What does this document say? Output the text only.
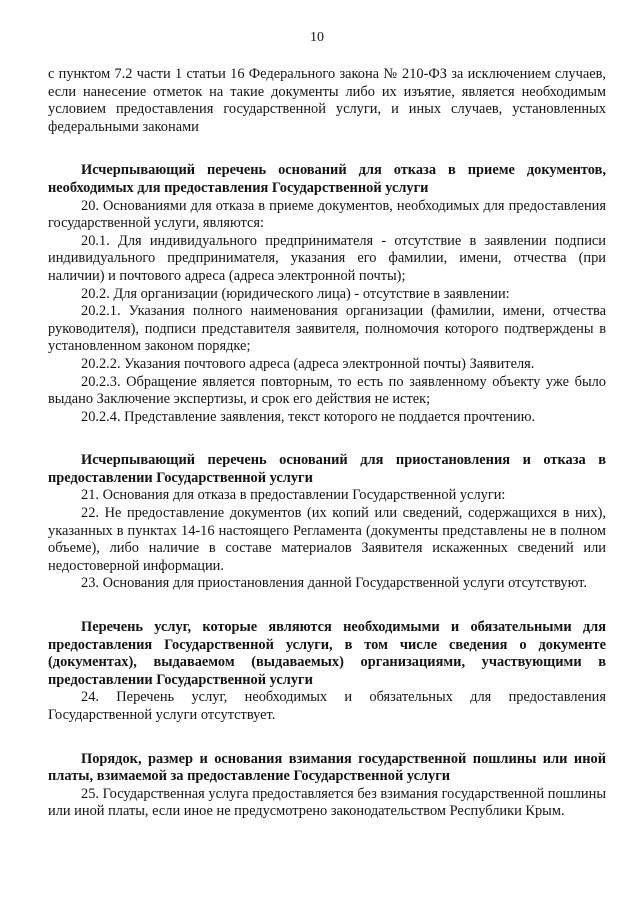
10

с пунктом 7.2 части 1 статьи 16 Федерального закона № 210-ФЗ за исключением случаев, если нанесение отметок на такие документы либо их изъятие, является необходимым условием предоставления государственной услуги, и иных случаев, установленных федеральными законами

Исчерпывающий перечень оснований для отказа в приеме документов, необходимых для предоставления Государственной услуги

20. Основаниями для отказа в приеме документов, необходимых для предоставления государственной услуги, являются:

20.1. Для индивидуального предпринимателя - отсутствие в заявлении подписи индивидуального предпринимателя, указания его фамилии, имени, отчества (при наличии) и почтового адреса (адреса электронной почты);

20.2. Для организации (юридического лица) - отсутствие в заявлении:

20.2.1. Указания полного наименования организации (фамилии, имени, отчества руководителя), подписи представителя заявителя, полномочия которого подтверждены в установленном законом порядке;

20.2.2. Указания почтового адреса (адреса электронной почты) Заявителя.

20.2.3. Обращение является повторным, то есть по заявленному объекту уже было выдано Заключение экспертизы, и срок его действия не истек;

20.2.4. Представление заявления, текст которого не поддается прочтению.

Исчерпывающий перечень оснований для приостановления и отказа в предоставлении Государственной услуги

21. Основания для отказа в предоставлении Государственной услуги:

22. Не предоставление документов (их копий или сведений, содержащихся в них), указанных в пунктах 14-16 настоящего Регламента (документы представлены не в полном объеме), либо наличие в составе материалов Заявителя искаженных сведений или недостоверной информации.

23. Основания для приостановления данной Государственной услуги отсутствуют.

Перечень услуг, которые являются необходимыми и обязательными для предоставления Государственной услуги, в том числе сведения о документе (документах), выдаваемом (выдаваемых) организациями, участвующими в предоставлении Государственной услуги

24. Перечень услуг, необходимых и обязательных для предоставления Государственной услуги отсутствует.

Порядок, размер и основания взимания государственной пошлины или иной платы, взимаемой за предоставление Государственной услуги

25. Государственная услуга предоставляется без взимания государственной пошлины или иной платы, если иное не предусмотрено законодательством Республики Крым.
